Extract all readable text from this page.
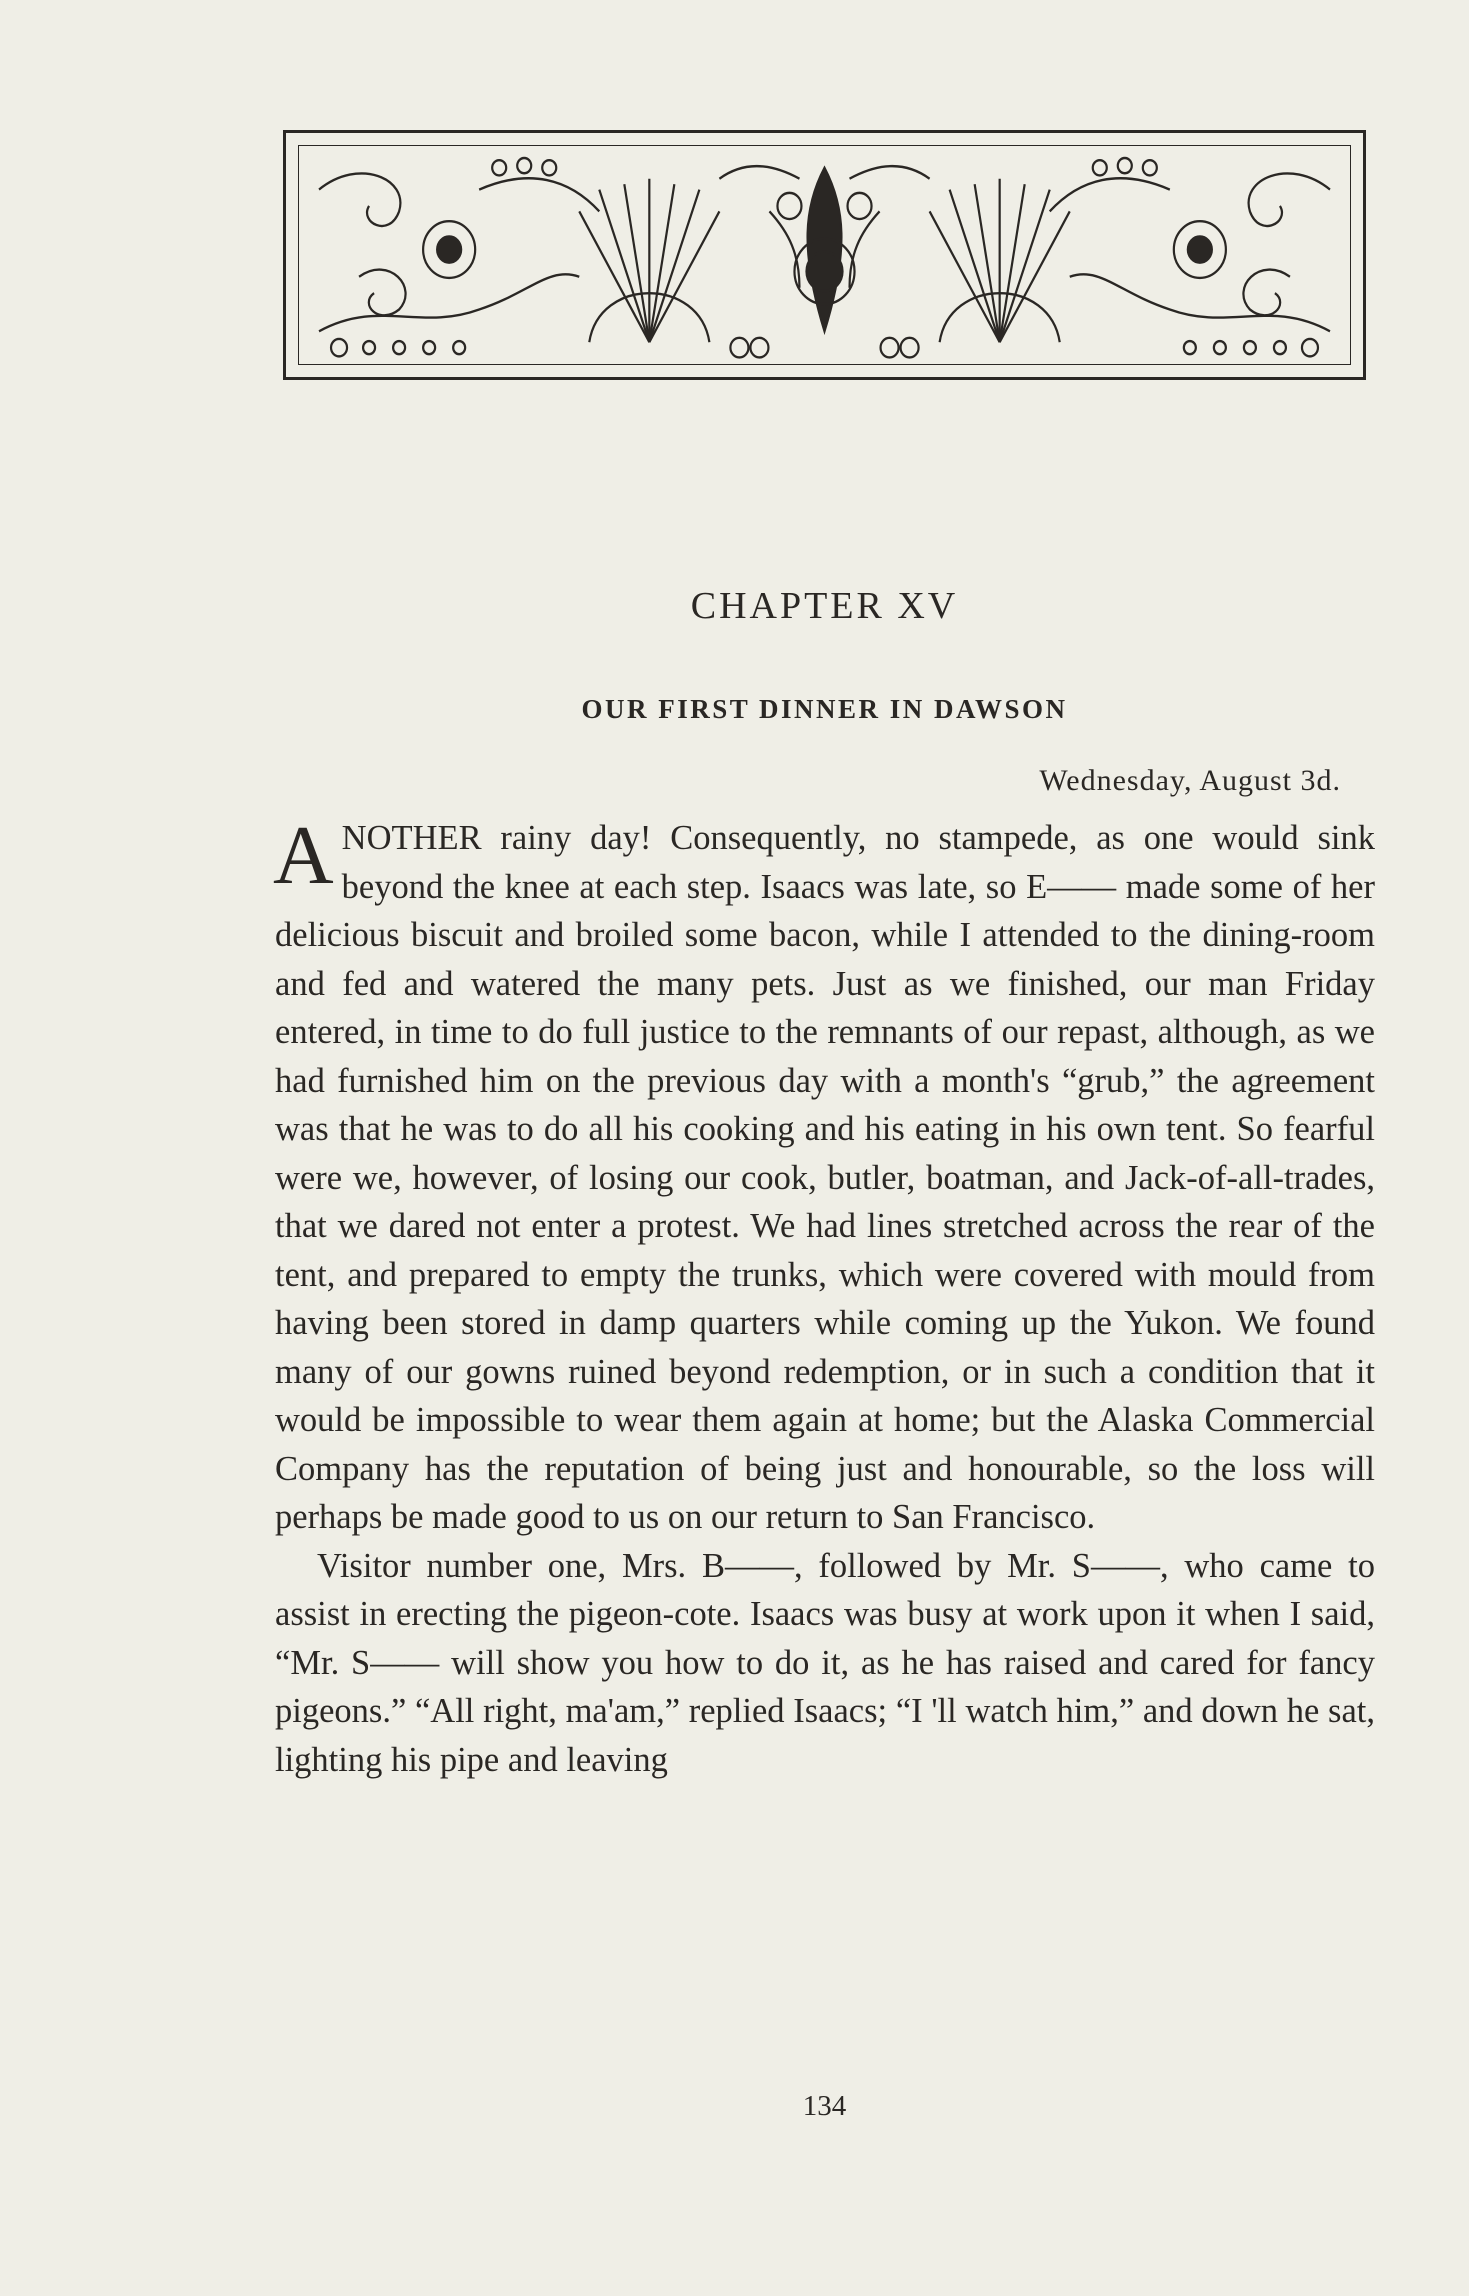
CHAPTER XV
OUR FIRST DINNER IN DAWSON

Wednesday, August 3d.

ANOTHER rainy day! Consequently, no stampede, as one would sink beyond the knee at each step. Isaacs was late, so E—— made some of her delicious biscuit and broiled some bacon, while I attended to the dining-room and fed and watered the many pets. Just as we finished, our man Friday entered, in time to do full justice to the remnants of our repast, although, as we had furnished him on the previous day with a month's “grub,” the agreement was that he was to do all his cooking and his eating in his own tent. So fearful were we, however, of losing our cook, butler, boatman, and Jack-of-all-trades, that we dared not enter a protest. We had lines stretched across the rear of the tent, and prepared to empty the trunks, which were covered with mould from having been stored in damp quarters while coming up the Yukon. We found many of our gowns ruined beyond redemption, or in such a condition that it would be impossible to wear them again at home; but the Alaska Commercial Company has the reputation of being just and honourable, so the loss will perhaps be made good to us on our return to San Francisco.

Visitor number one, Mrs. B——, followed by Mr. S——, who came to assist in erecting the pigeon-cote. Isaacs was busy at work upon it when I said, “Mr. S—— will show you how to do it, as he has raised and cared for fancy pigeons.” “All right, ma'am,” replied Isaacs; “I 'll watch him,” and down he sat, lighting his pipe and leaving

134
